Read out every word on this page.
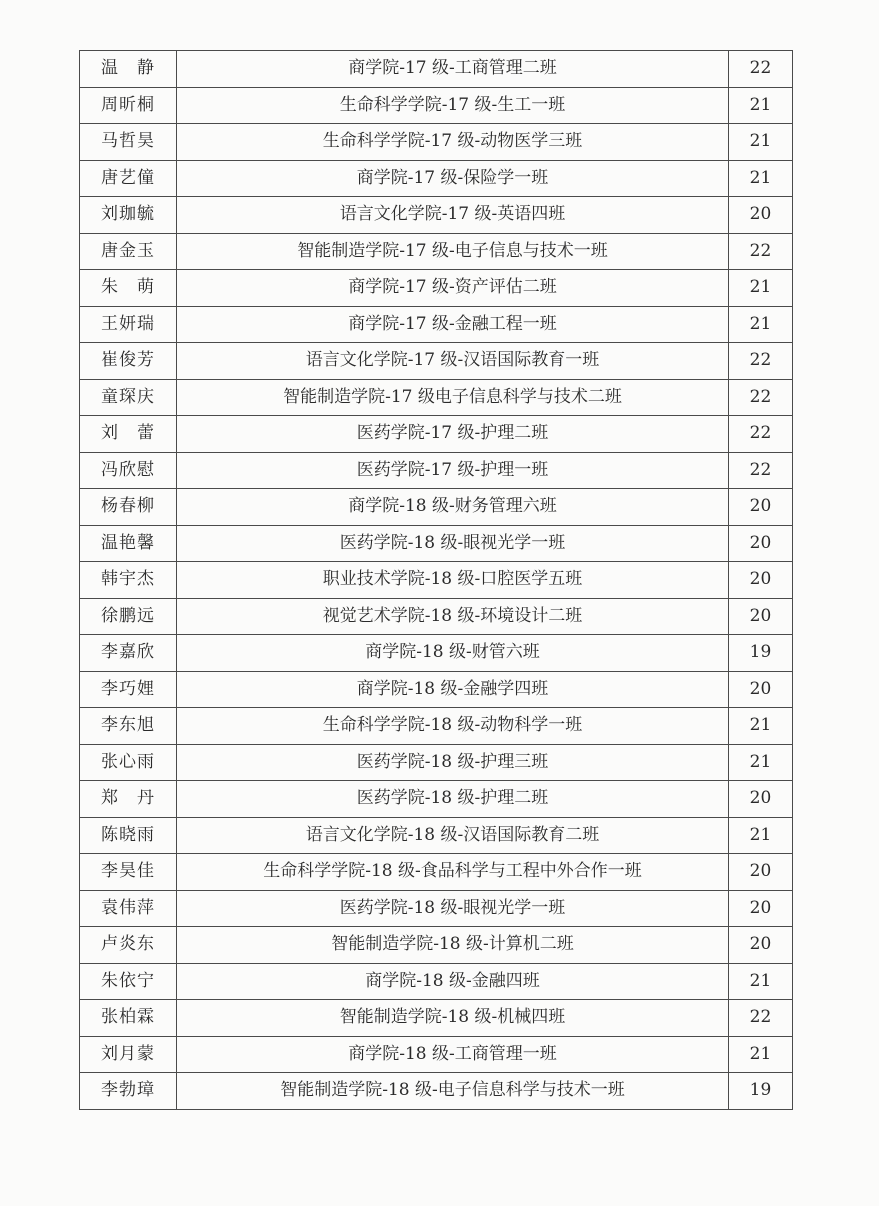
温　静	商学院-17 级-工商管理二班	22
周昕桐	生命科学学院-17 级-生工一班	21
马哲昊	生命科学学院-17 级-动物医学三班	21
唐艺僮	商学院-17 级-保险学一班	21
刘珈毓	语言文化学院-17 级-英语四班	20
唐金玉	智能制造学院-17 级-电子信息与技术一班	22
朱　萌	商学院-17 级-资产评估二班	21
王妍瑞	商学院-17 级-金融工程一班	21
崔俊芳	语言文化学院-17 级-汉语国际教育一班	22
童琛庆	智能制造学院-17 级电子信息科学与技术二班	22
刘　蕾	医药学院-17 级-护理二班	22
冯欣慰	医药学院-17 级-护理一班	22
杨春柳	商学院-18 级-财务管理六班	20
温艳馨	医药学院-18 级-眼视光学一班	20
韩宇杰	职业技术学院-18 级-口腔医学五班	20
徐鹏远	视觉艺术学院-18 级-环境设计二班	20
李嘉欣	商学院-18 级-财管六班	19
李巧娌	商学院-18 级-金融学四班	20
李东旭	生命科学学院-18 级-动物科学一班	21
张心雨	医药学院-18 级-护理三班	21
郑　丹	医药学院-18 级-护理二班	20
陈晓雨	语言文化学院-18 级-汉语国际教育二班	21
李昊佳	生命科学学院-18 级-食品科学与工程中外合作一班	20
袁伟萍	医药学院-18 级-眼视光学一班	20
卢炎东	智能制造学院-18 级-计算机二班	20
朱依宁	商学院-18 级-金融四班	21
张柏霖	智能制造学院-18 级-机械四班	22
刘月蒙	商学院-18 级-工商管理一班	21
李勃璋	智能制造学院-18 级-电子信息科学与技术一班	19
